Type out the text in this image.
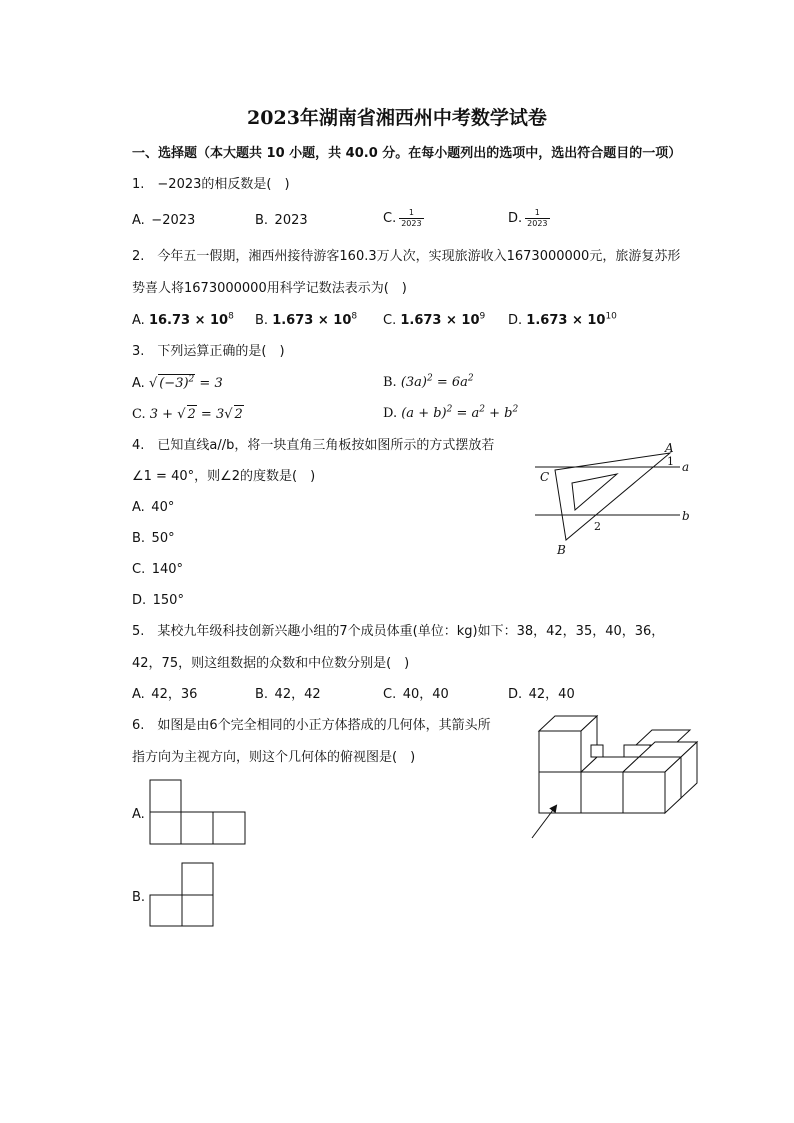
2023年湖南省湘西州中考数学试卷
一、选择题（本大题共 10 小题，共 40.0 分。在每小题列出的选项中，选出符合题目的一项）
1. −2023的相反数是(　)
A. −2023	B. 2023	C. $\frac{1}{2023}$	D. $\frac{1}{2023}$
2. 今年五一假期，湘西州接待游客160.3万人次，实现旅游收入1673000000元，旅游复苏形
势喜人将1673000000用科学记数法表示为(　)
A. $16.73 \times 10^8$ B. $1.673 \times 10^8$ C. $1.673 \times 10^9$ D. $1.673 \times 10^{10}$
3. 下列运算正确的是(　)
A. √ $(-3)^2 = 3$	B. $(3a)^2 = 6a^2$
C. 3 + √ 2 = 3√ 2	D. $(a + b)^2 = a^2 + b^2$
4. 已知直线a//b，将一块直角三角板按如图所示的方式摆放若
∠1 = 40°，则∠2的度数是(　)
A. 40°
B. 50°
C. 140°
D. 150°
A
C
B
1
2
a
b
5. 某校九年级科技创新兴趣小组的7个成员体重(单位：kg)如下：38，42，35，40，36，
42，75，则这组数据的众数和中位数分别是(　)
A. 42，36	B. 42，42	C. 40，40	D. 42，40
6. 如图是由6个完全相同的小正方体搭成的几何体，其箭头所
指方向为主视方向，则这个几何体的俯视图是(　)
A.
B.
